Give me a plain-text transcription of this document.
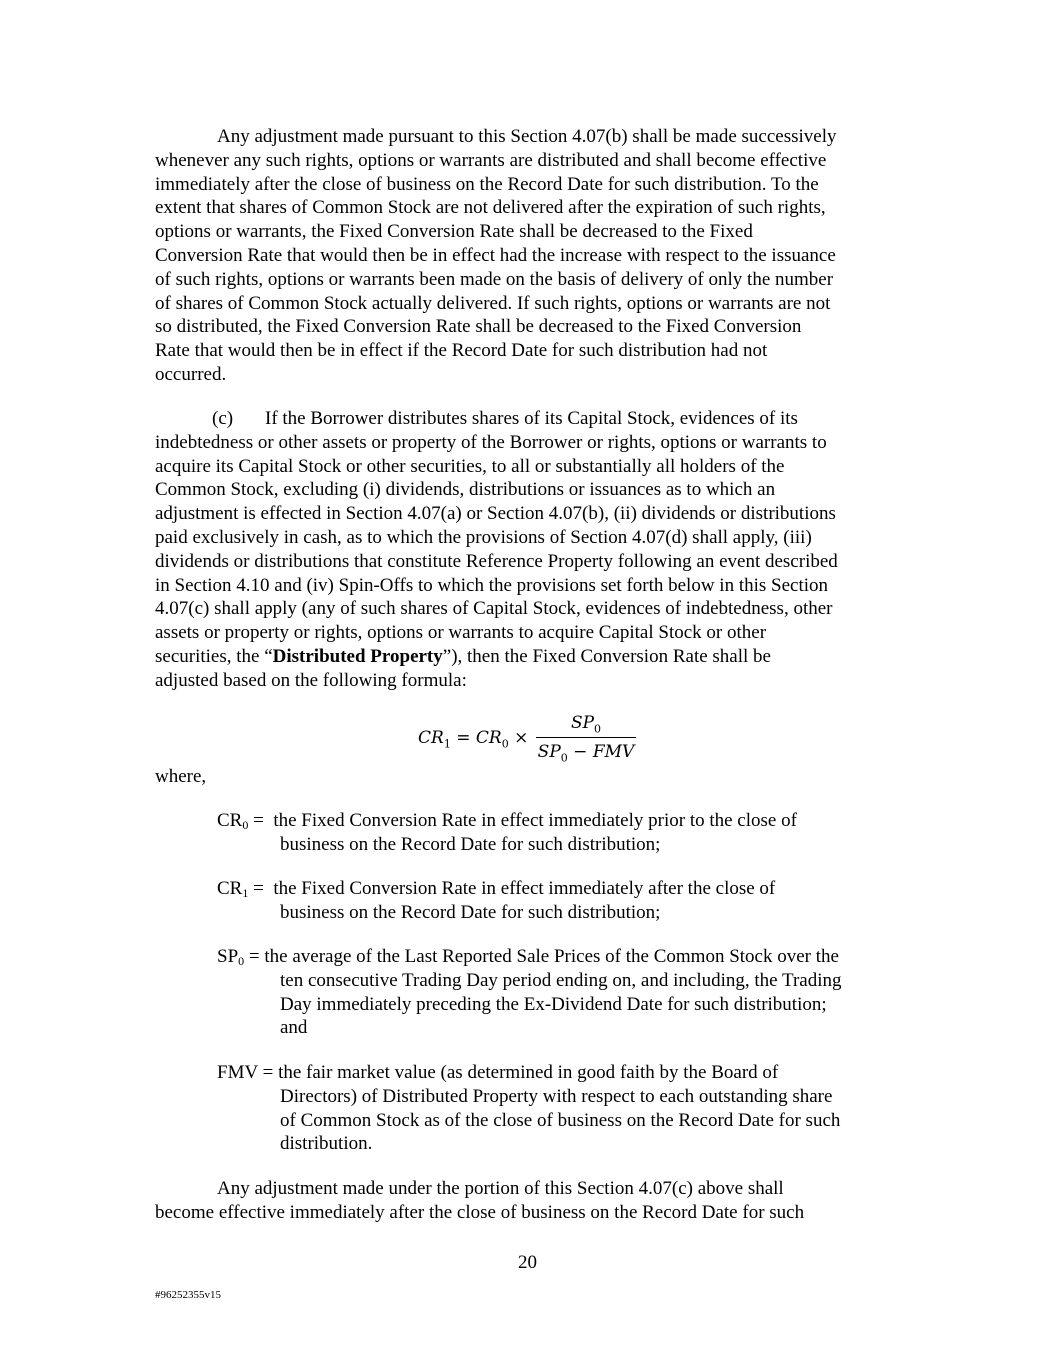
Any adjustment made pursuant to this Section 4.07(b) shall be made successively
whenever any such rights, options or warrants are distributed and shall become effective
immediately after the close of business on the Record Date for such distribution. To the
extent that shares of Common Stock are not delivered after the expiration of such rights,
options or warrants, the Fixed Conversion Rate shall be decreased to the Fixed
Conversion Rate that would then be in effect had the increase with respect to the issuance
of such rights, options or warrants been made on the basis of delivery of only the number
of shares of Common Stock actually delivered. If such rights, options or warrants are not
so distributed, the Fixed Conversion Rate shall be decreased to the Fixed Conversion
Rate that would then be in effect if the Record Date for such distribution had not
occurred.
(c) If the Borrower distributes shares of its Capital Stock, evidences of its
indebtedness or other assets or property of the Borrower or rights, options or warrants to
acquire its Capital Stock or other securities, to all or substantially all holders of the
Common Stock, excluding (i) dividends, distributions or issuances as to which an
adjustment is effected in Section 4.07(a) or Section 4.07(b), (ii) dividends or distributions
paid exclusively in cash, as to which the provisions of Section 4.07(d) shall apply, (iii)
dividends or distributions that constitute Reference Property following an event described
in Section 4.10 and (iv) Spin-Offs to which the provisions set forth below in this Section
4.07(c) shall apply (any of such shares of Capital Stock, evidences of indebtedness, other
assets or property or rights, options or warrants to acquire Capital Stock or other
securities, the “Distributed Property”), then the Fixed Conversion Rate shall be
adjusted based on the following formula:
$CR_1 = CR_0$ ×
$SP_0$
$SP_0$ − FMV
where,
$CR_0$ = the Fixed Conversion Rate in effect immediately prior to the close of
business on the Record Date for such distribution;
$CR_1$ = the Fixed Conversion Rate in effect immediately after the close of
business on the Record Date for such distribution;
$SP_0$ = the average of the Last Reported Sale Prices of the Common Stock over the
ten consecutive Trading Day period ending on, and including, the Trading
Day immediately preceding the Ex-Dividend Date for such distribution;
and
FMV = the fair market value (as determined in good faith by the Board of
Directors) of Distributed Property with respect to each outstanding share
of Common Stock as of the close of business on the Record Date for such
distribution.
Any adjustment made under the portion of this Section 4.07(c) above shall
become effective immediately after the close of business on the Record Date for such
20
#96252355v15
